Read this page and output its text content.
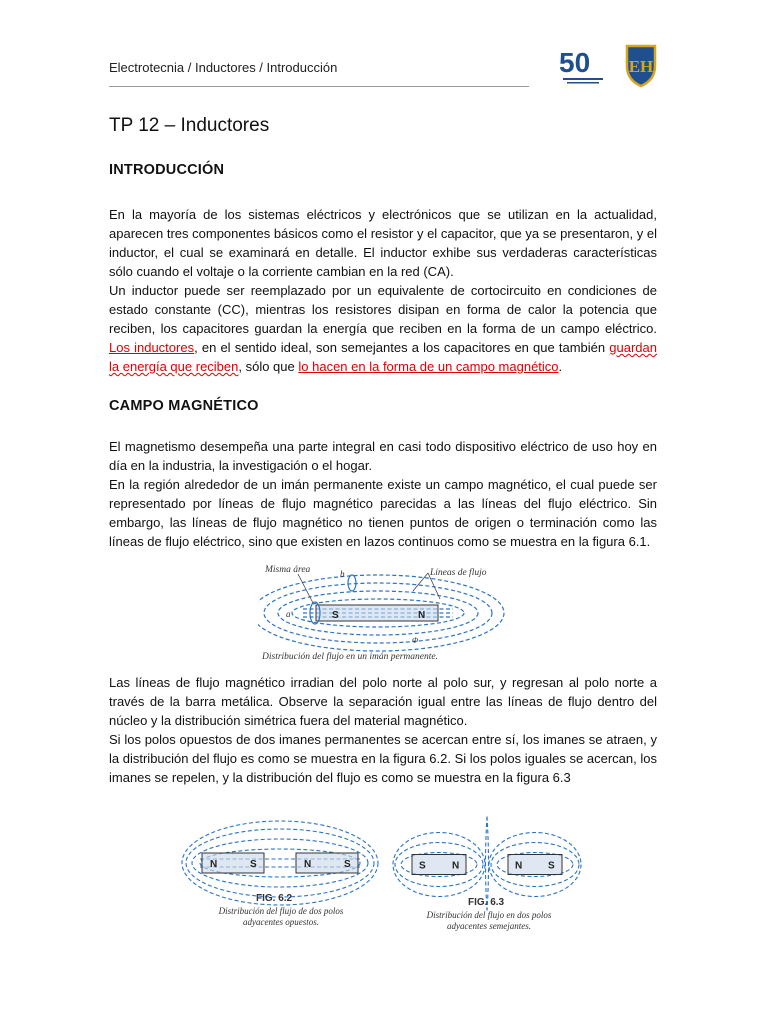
Electrotecnia / Inductores / Introducción	50 EH
TP 12 – Inductores
INTRODUCCIÓN

En la mayoría de los sistemas eléctricos y electrónicos que se utilizan en la actualidad, aparecen tres componentes básicos como el resistor y el capacitor, que ya se presentaron, y el inductor, el cual se examinará en detalle. El inductor exhibe sus verdaderas características sólo cuando el voltaje o la corriente cambian en la red (CA).

Un inductor puede ser reemplazado por un equivalente de cortocircuito en condiciones de estado constante (CC), mientras los resistores disipan en forma de calor la potencia que reciben, los capacitores guardan la energía que reciben en la forma de un campo eléctrico. Los inductores, en el sentido ideal, son semejantes a los capacitores en que también guardan la energía que reciben, sólo que lo hacen en la forma de un campo magnético.

CAMPO MAGNÉTICO

El magnetismo desempeña una parte integral en casi todo dispositivo eléctrico de uso hoy en día en la industria, la investigación o el hogar.

En la región alrededor de un imán permanente existe un campo magnético, el cual puede ser representado por líneas de flujo magnético parecidas a las líneas del flujo eléctrico. Sin embargo, las líneas de flujo magnético no tienen puntos de origen o terminación como las líneas de flujo eléctrico, sino que existen en lazos continuos como se muestra en la figura 6.1.

S	N
Misma área	Líneas de flujo
a
b
Φ
Distribución del flujo en un imán permanente.

Las líneas de flujo magnético irradian del polo norte al polo sur, y regresan al polo norte a través de la barra metálica. Observe la separación igual entre las líneas de flujo dentro del núcleo y la distribución simétrica fuera del material magnético.

Si los polos opuestos de dos imanes permanentes se acercan entre sí, los imanes se atraen, y la distribución del flujo es como se muestra en la figura 6.2. Si los polos iguales se acercan, los imanes se repelen, y la distribución del flujo es como se muestra en la figura 6.3

N	S	N	S
FIG. 6.2
Distribución del flujo de dos polos
adyacentes opuestos.
S	N	N	S
FIG. 6.3
Distribución del flujo en dos polos
adyacentes semejantes.
